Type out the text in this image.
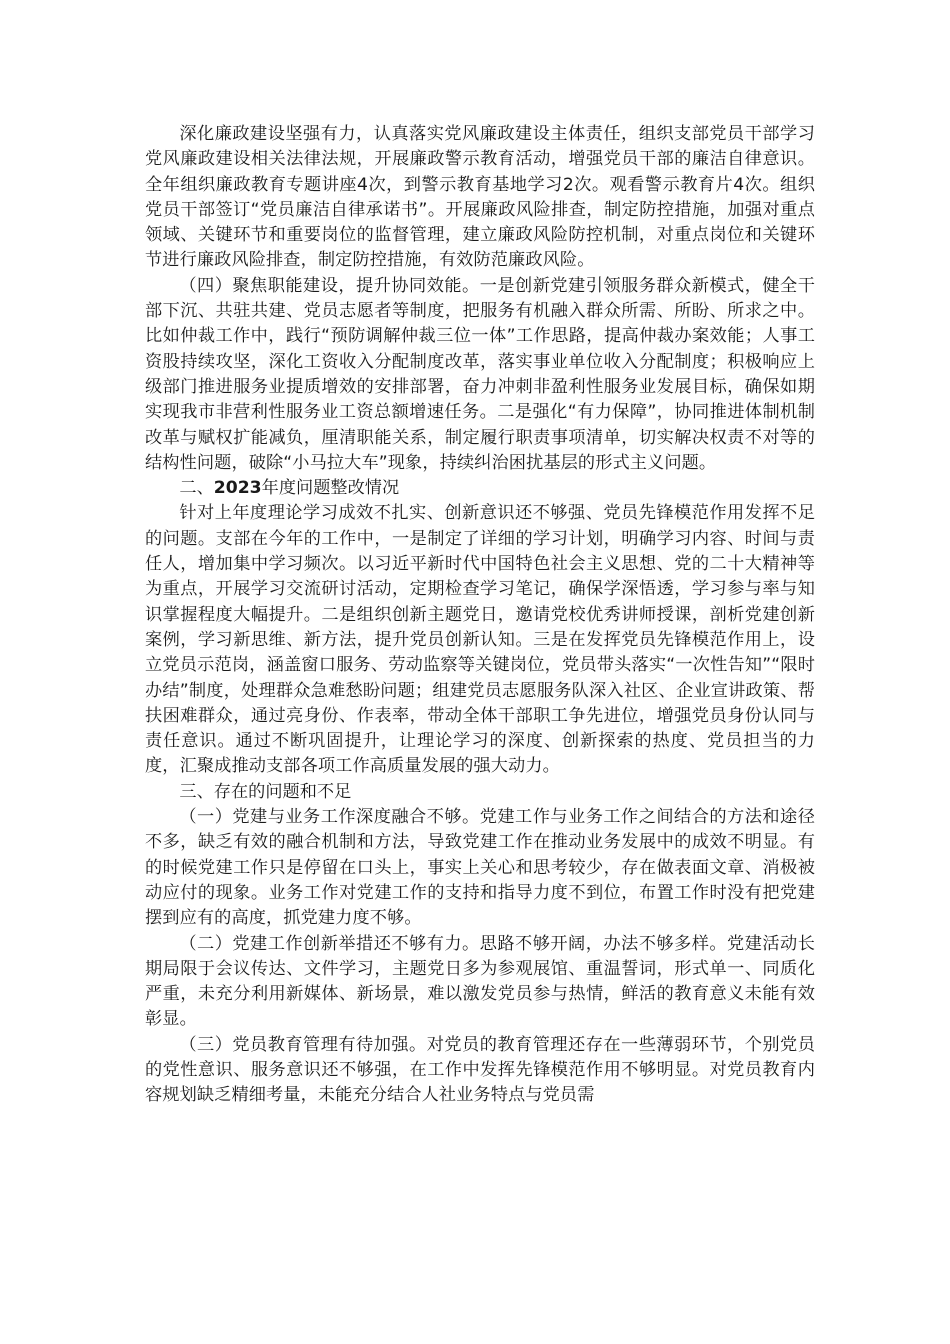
深化廉政建设坚强有力，认真落实党风廉政建设主体责任，组织支部党员干部学习党风廉政建设相关法律法规，开展廉政警示教育活动，增强党员干部的廉洁自律意识。全年组织廉政教育专题讲座4次，到警示教育基地学习2次。观看警示教育片4次。组织党员干部签订“党员廉洁自律承诺书”。开展廉政风险排查，制定防控措施，加强对重点领域、关键环节和重要岗位的监督管理，建立廉政风险防控机制，对重点岗位和关键环节进行廉政风险排查，制定防控措施，有效防范廉政风险。

（四）聚焦职能建设，提升协同效能。一是创新党建引领服务群众新模式，健全干部下沉、共驻共建、党员志愿者等制度，把服务有机融入群众所需、所盼、所求之中。比如仲裁工作中，践行“预防调解仲裁三位一体”工作思路，提高仲裁办案效能；人事工资股持续攻坚，深化工资收入分配制度改革，落实事业单位收入分配制度；积极响应上级部门推进服务业提质增效的安排部署，奋力冲刺非盈利性服务业发展目标，确保如期实现我市非营利性服务业工资总额增速任务。二是强化“有力保障”，协同推进体制机制改革与赋权扩能减负，厘清职能关系，制定履行职责事项清单，切实解决权责不对等的结构性问题，破除“小马拉大车”现象，持续纠治困扰基层的形式主义问题。

二、2023年度问题整改情况

针对上年度理论学习成效不扎实、创新意识还不够强、党员先锋模范作用发挥不足的问题。支部在今年的工作中，一是制定了详细的学习计划，明确学习内容、时间与责任人，增加集中学习频次。以习近平新时代中国特色社会主义思想、党的二十大精神等为重点，开展学习交流研讨活动，定期检查学习笔记，确保学深悟透，学习参与率与知识掌握程度大幅提升。二是组织创新主题党日，邀请党校优秀讲师授课，剖析党建创新案例，学习新思维、新方法，提升党员创新认知。三是在发挥党员先锋模范作用上，设立党员示范岗，涵盖窗口服务、劳动监察等关键岗位，党员带头落实“一次性告知”“限时办结”制度，处理群众急难愁盼问题；组建党员志愿服务队深入社区、企业宣讲政策、帮扶困难群众，通过亮身份、作表率，带动全体干部职工争先进位，增强党员身份认同与责任意识。通过不断巩固提升，让理论学习的深度、创新探索的热度、党员担当的力度，汇聚成推动支部各项工作高质量发展的强大动力。

三、存在的问题和不足

（一）党建与业务工作深度融合不够。党建工作与业务工作之间结合的方法和途径不多，缺乏有效的融合机制和方法，导致党建工作在推动业务发展中的成效不明显。有的时候党建工作只是停留在口头上，事实上关心和思考较少，存在做表面文章、消极被动应付的现象。业务工作对党建工作的支持和指导力度不到位，布置工作时没有把党建摆到应有的高度，抓党建力度不够。

（二）党建工作创新举措还不够有力。思路不够开阔，办法不够多样。党建活动长期局限于会议传达、文件学习，主题党日多为参观展馆、重温誓词，形式单一、同质化严重，未充分利用新媒体、新场景，难以激发党员参与热情，鲜活的教育意义未能有效彰显。

（三）党员教育管理有待加强。对党员的教育管理还存在一些薄弱环节，个别党员的党性意识、服务意识还不够强，在工作中发挥先锋模范作用不够明显。对党员教育内容规划缺乏精细考量，未能充分结合人社业务特点与党员需
